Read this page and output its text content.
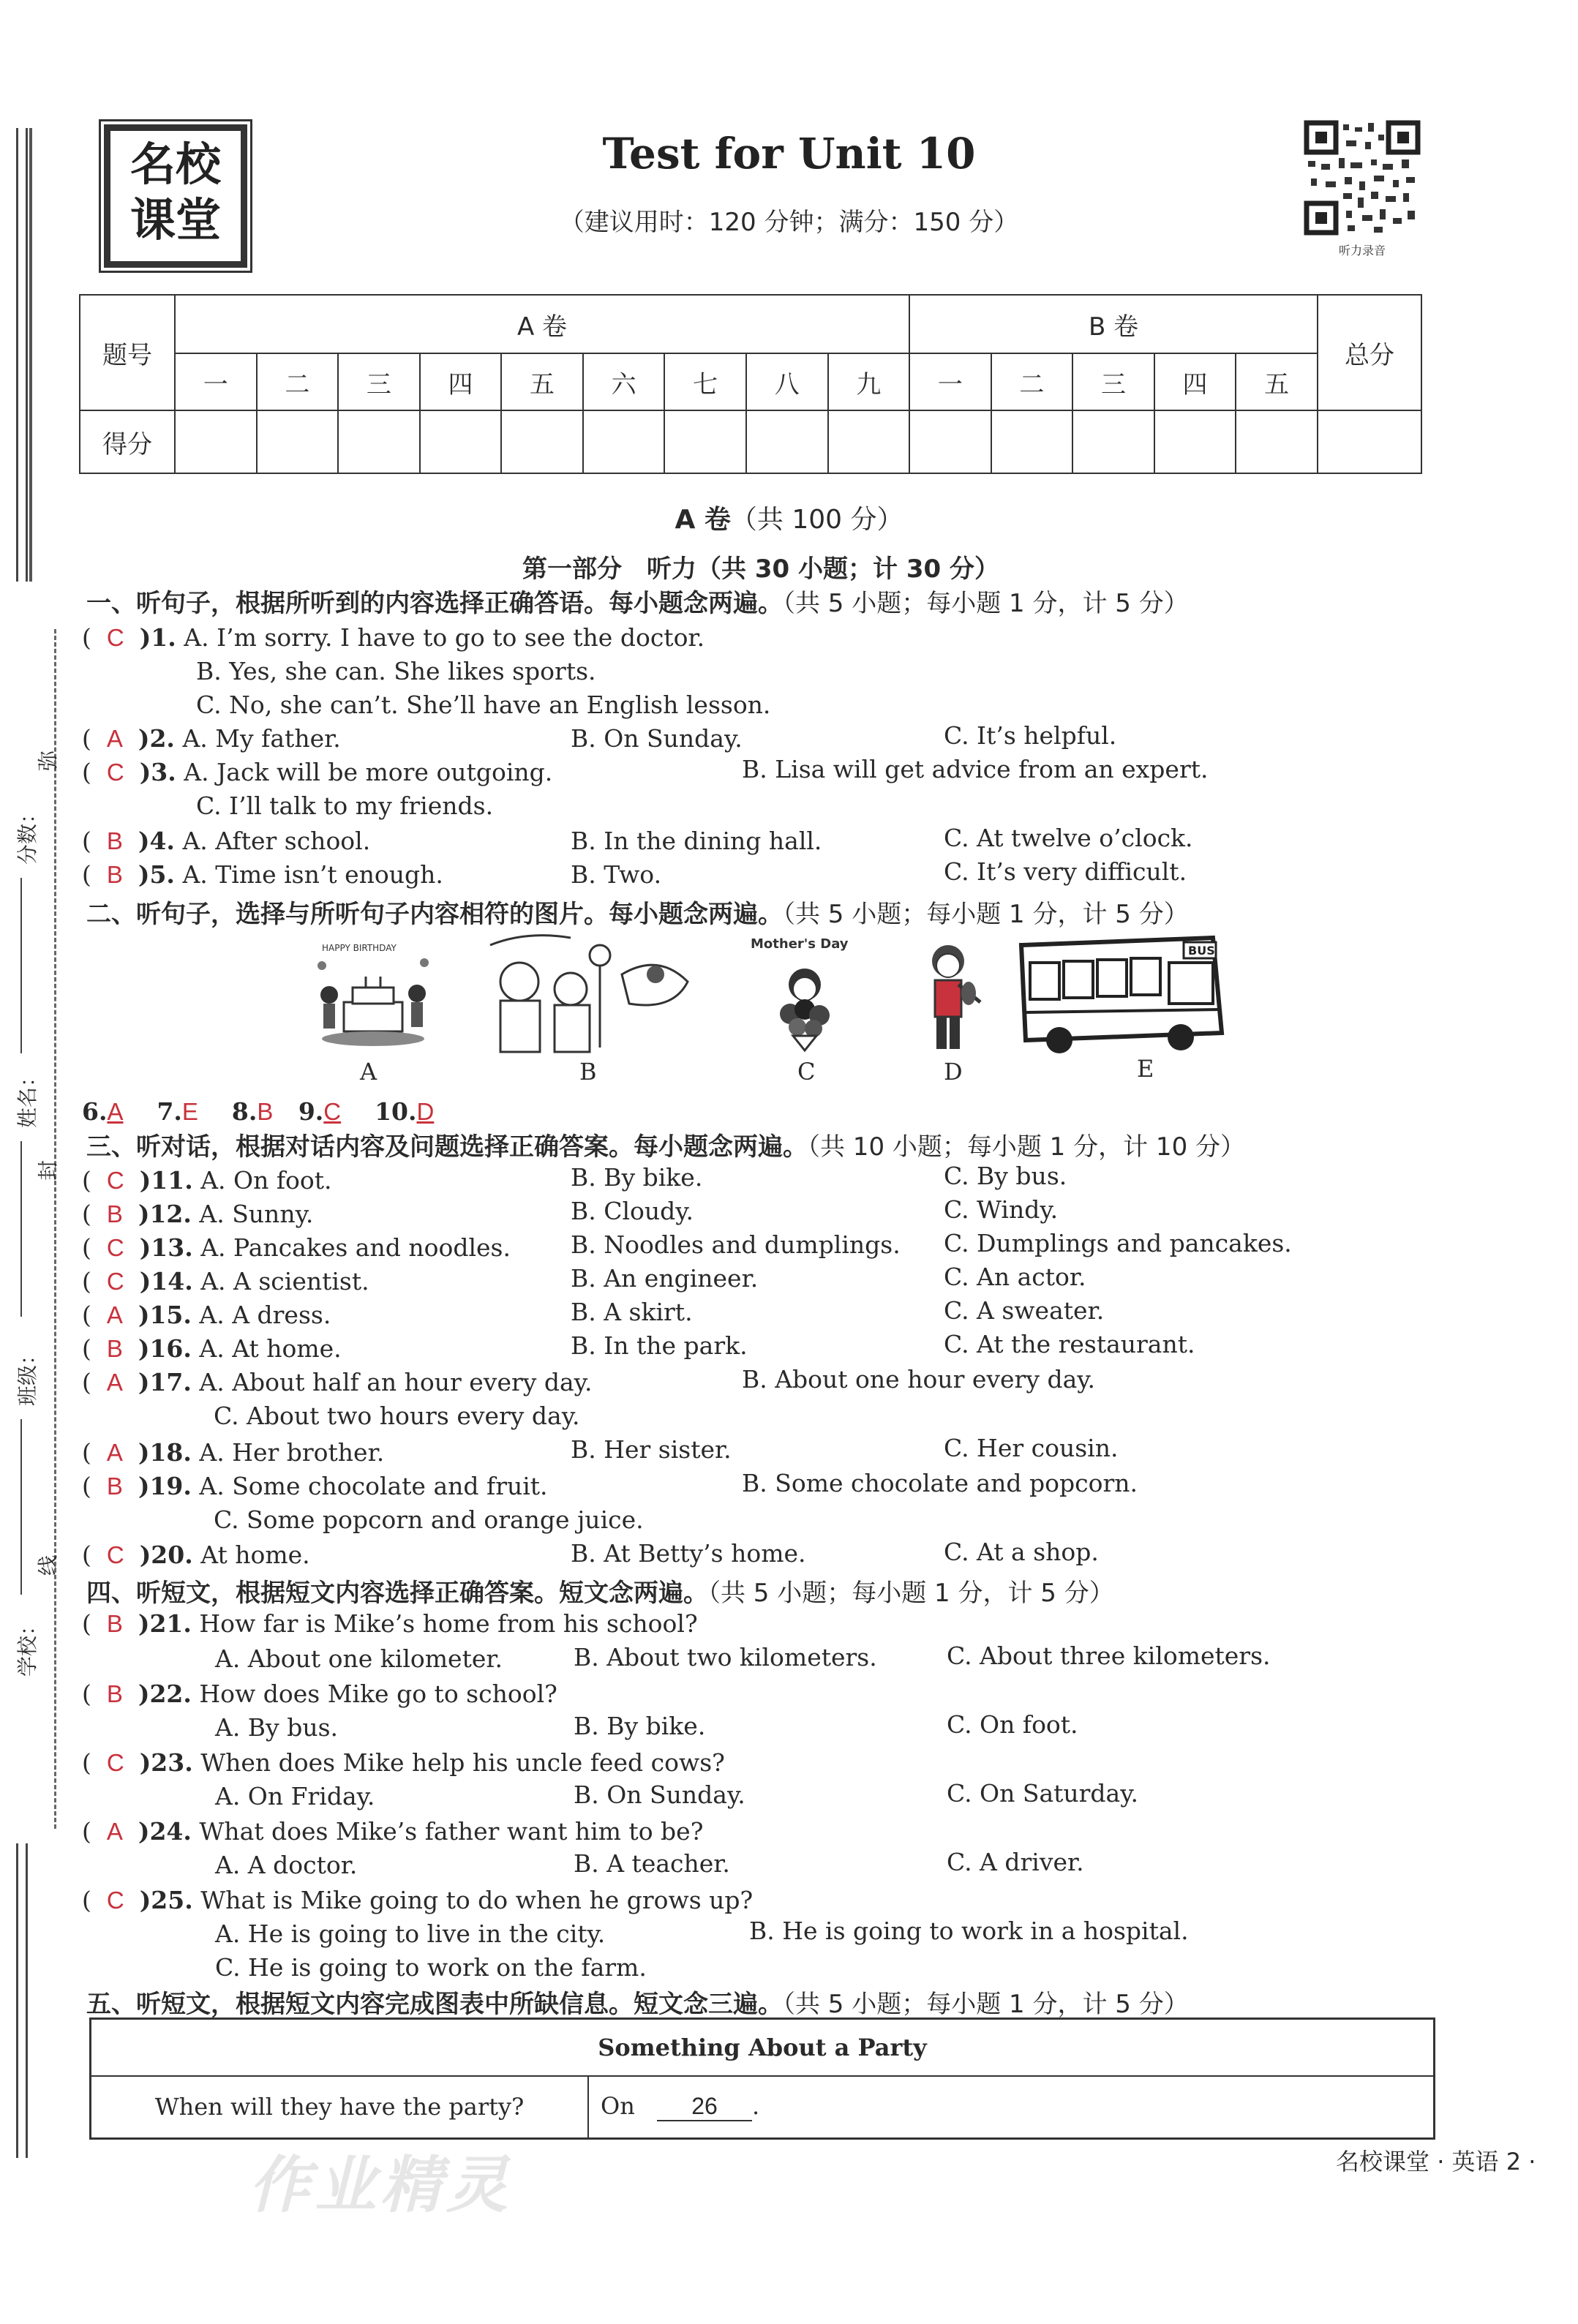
分数：
弥
姓名：
封
班级：
线
学校：
名校
课堂
Test for Unit 10
（建议用时：120 分钟；满分：150 分）
听力录音
题号	A 卷									B 卷					总分
	一	二	三	四	五	六	七	八	九	一	二	三	四	五	
得分															
A 卷（共 100 分）
第一部分　听力（共 30 小题；计 30 分）
一、听句子，根据所听到的内容选择正确答语。每小题念两遍。（共 5 小题；每小题 1 分，计 5 分）
(  C )1. A. I’m sorry. I have to go to see the doctor.
B. Yes, she can. She likes sports.
C. No, she can’t. She’ll have an English lesson.
(  A )2. A. My father.	B. On Sunday.	C. It’s helpful.
(  C )3. A. Jack will be more outgoing.	B. Lisa will get advice from an expert.
C. I’ll talk to my friends.
(  B )4. A. After school.	B. In the dining hall.	C. At twelve o’clock.
(  B )5. A. Time isn’t enough.	B. Two.	C. It’s very difficult.
二、听句子，选择与所听句子内容相符的图片。每小题念两遍。（共 5 小题；每小题 1 分，计 5 分）
HAPPY BIRTHDAY	Mother's Day	BUS
A	B	C	D	E
6.A 7.E 8.B 9.C 10.D
三、听对话，根据对话内容及问题选择正确答案。每小题念两遍。（共 10 小题；每小题 1 分，计 10 分）
(  C )11. A. On foot.	B. By bike.	C. By bus.
(  B )12. A. Sunny.	B. Cloudy.	C. Windy.
(  C )13. A. Pancakes and noodles. B. Noodles and dumplings. C. Dumplings and pancakes.
(  C )14. A. A scientist.	B. An engineer.	C. An actor.
(  A )15. A. A dress.	B. A skirt.	C. A sweater.
(  B )16. A. At home.	B. In the park.	C. At the restaurant.
(  A )17. A. About half an hour every day.	B. About one hour every day.
C. About two hours every day.
(  A )18. A. Her brother.	B. Her sister.	C. Her cousin.
(  B )19. A. Some chocolate and fruit.	B. Some chocolate and popcorn.
C. Some popcorn and orange juice.
(  C )20. At home.	B. At Betty’s home.	C. At a shop.
四、听短文，根据短文内容选择正确答案。短文念两遍。（共 5 小题；每小题 1 分，计 5 分）
(  B )21. How far is Mike’s home from his school?
A. About one kilometer.	B. About two kilometers.	C. About three kilometers.
(  B )22. How does Mike go to school?
A. By bus.	B. By bike.	C. On foot.
(  C )23. When does Mike help his uncle feed cows?
A. On Friday.	B. On Sunday.	C. On Saturday.
(  A )24. What does Mike’s father want him to be?
A. A doctor.	B. A teacher.	C. A driver.
(  C )25. What is Mike going to do when he grows up?
A. He is going to live in the city.	B. He is going to work in a hospital.
C. He is going to work on the farm.
五、听短文，根据短文内容完成图表中所缺信息。短文念三遍。（共 5 小题；每小题 1 分，计 5 分）
Something About a Party
When will they have the party?	On 26 .
作业精灵	名校课堂 · 英语 2 ·
